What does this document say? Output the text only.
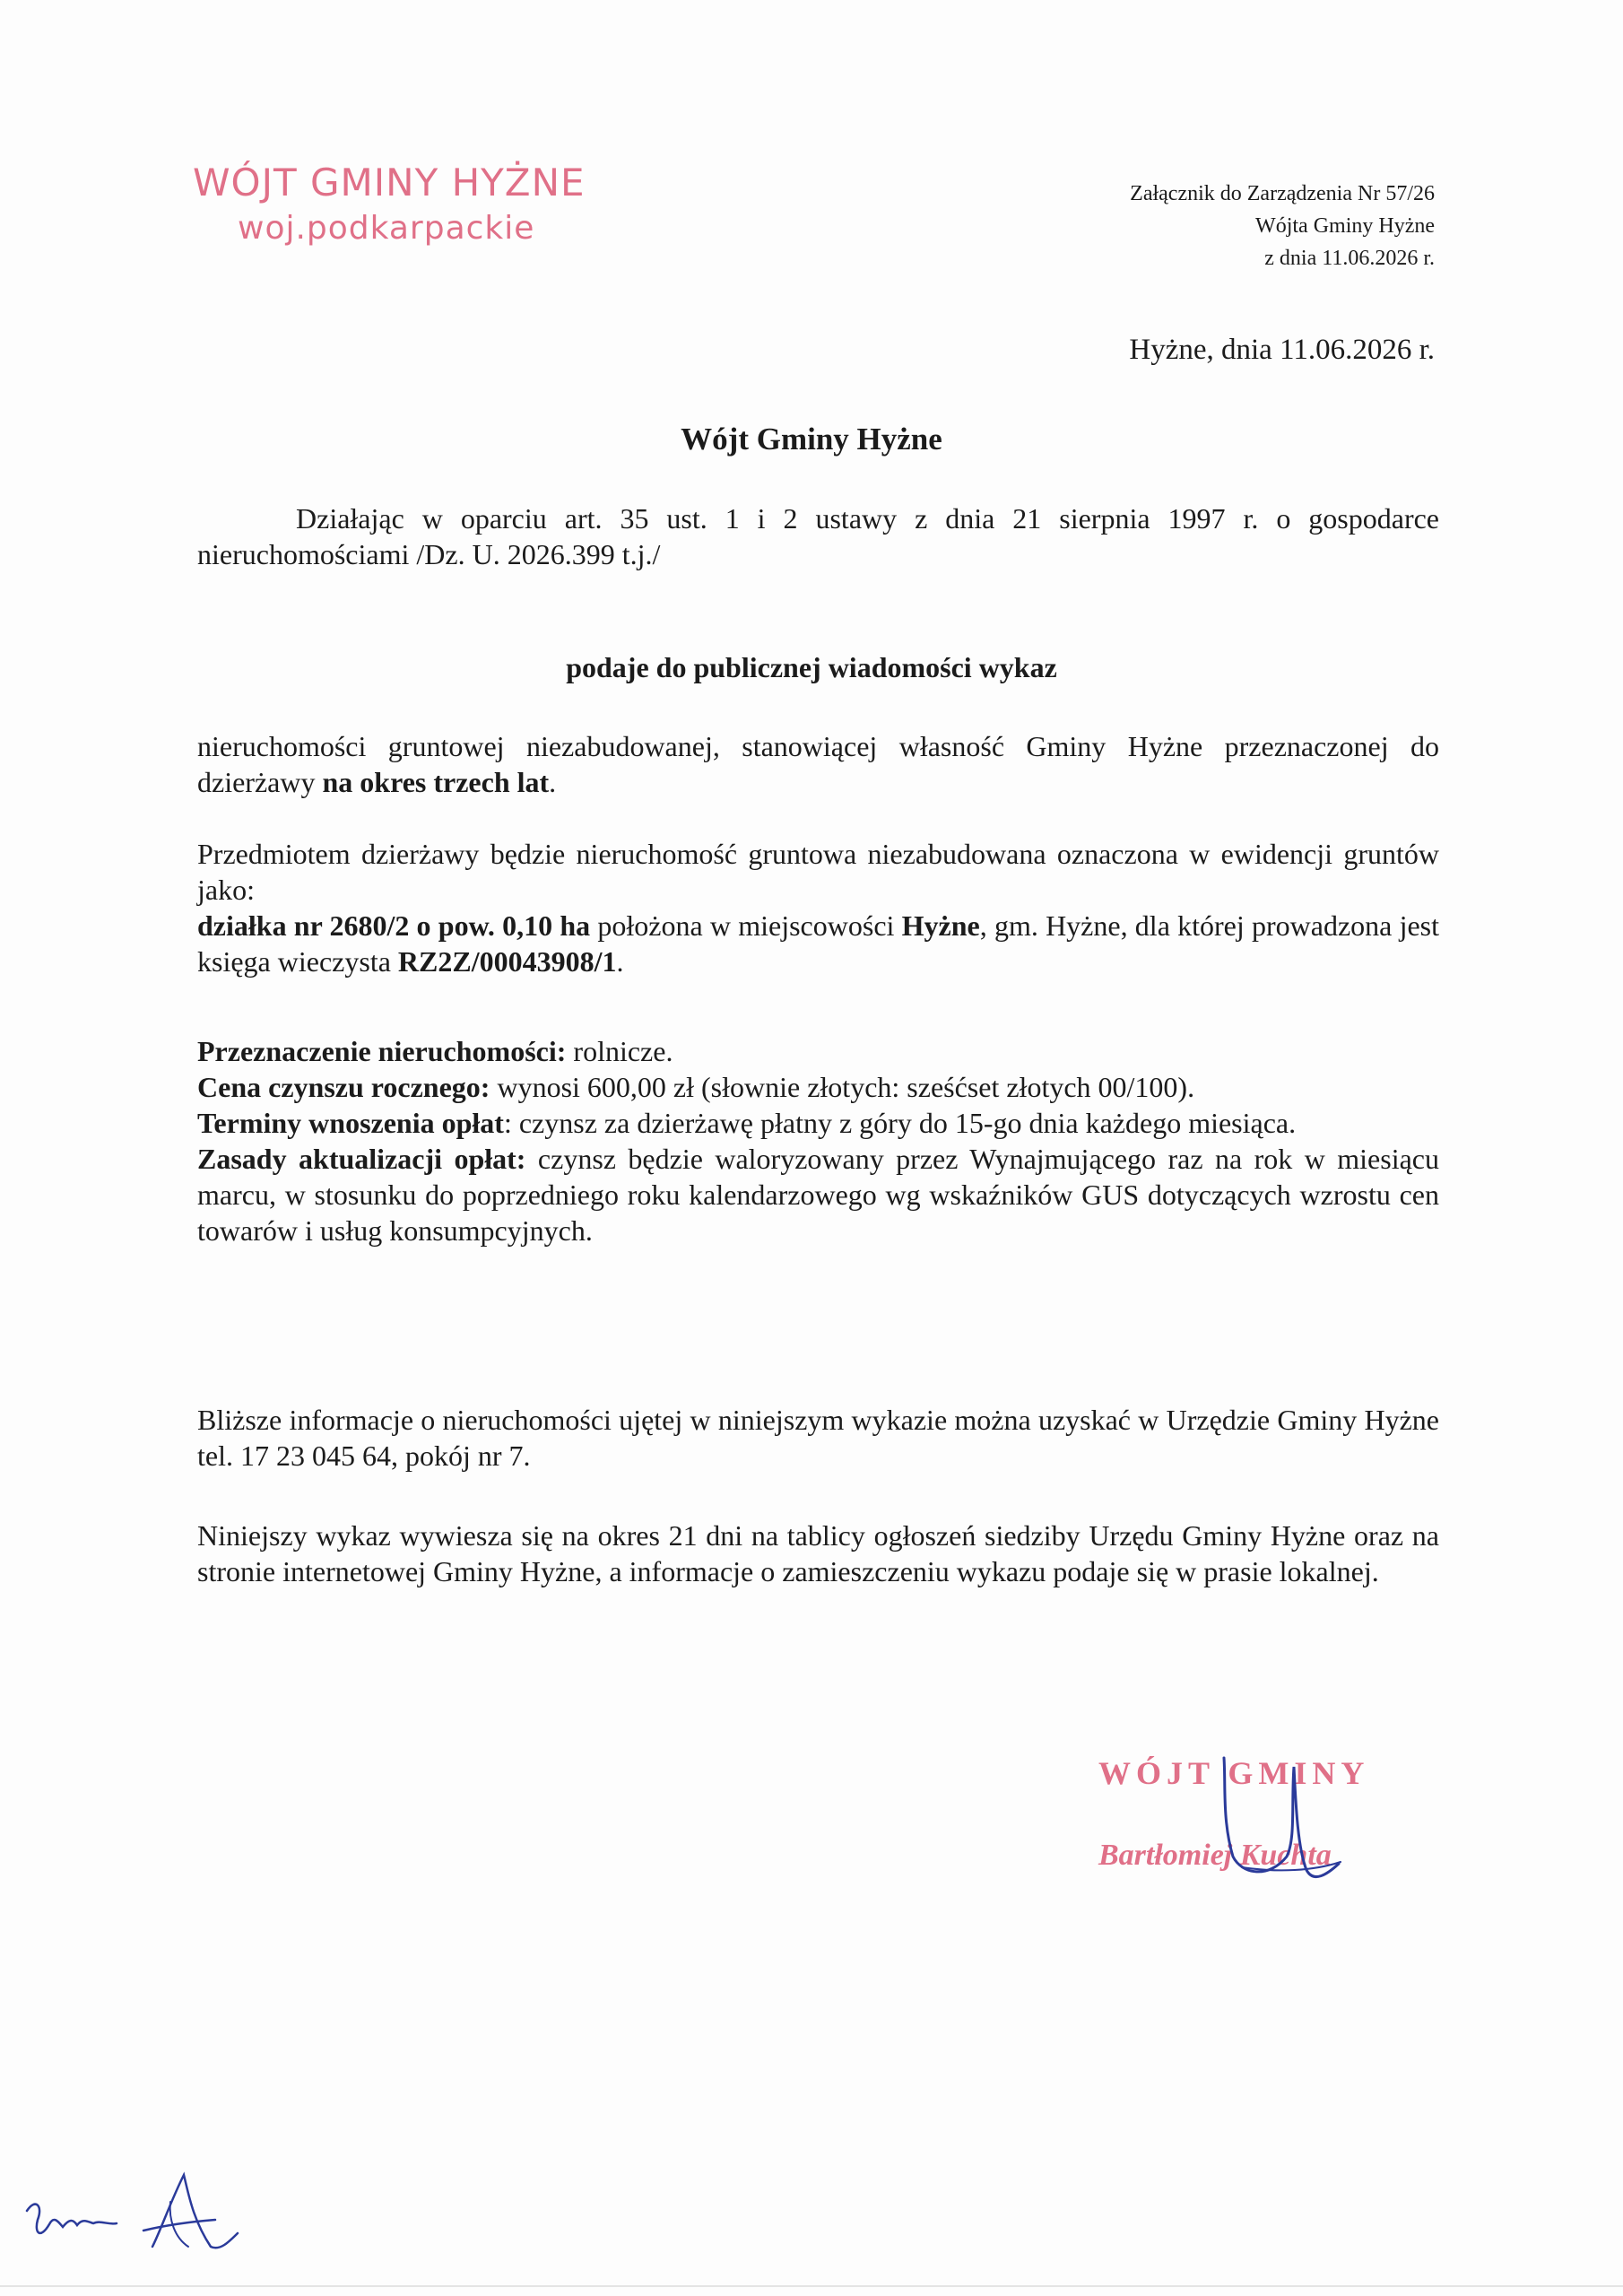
WÓJT GMINY HYŻNE
woj.podkarpackie
Załącznik do Zarządzenia Nr 57/26
Wójta Gminy Hyżne
z dnia 11.06.2026 r.
Hyżne, dnia 11.06.2026 r.
Wójt Gminy Hyżne
Działając w oparciu art. 35 ust. 1 i 2 ustawy z dnia 21 sierpnia 1997 r. o gospodarce nieruchomościami /Dz. U. 2026.399 t.j./
podaje do publicznej wiadomości wykaz
nieruchomości gruntowej niezabudowanej, stanowiącej własność Gminy Hyżne przeznaczonej do dzierżawy na okres trzech lat.
Przedmiotem dzierżawy będzie nieruchomość gruntowa niezabudowana oznaczona w ewidencji gruntów jako:
działka nr 2680/2 o pow. 0,10 ha położona w miejscowości Hyżne, gm. Hyżne, dla której prowadzona jest księga wieczysta RZ2Z/00043908/1.
Przeznaczenie nieruchomości: rolnicze.
Cena czynszu rocznego: wynosi 600,00 zł (słownie złotych: sześćset złotych 00/100).
Terminy wnoszenia opłat: czynsz za dzierżawę płatny z góry do 15-go dnia każdego miesiąca.
Zasady aktualizacji opłat: czynsz będzie waloryzowany przez Wynajmującego raz na rok w miesiącu marcu, w stosunku do poprzedniego roku kalendarzowego wg wskaźników GUS dotyczących wzrostu cen towarów i usług konsumpcyjnych.
Bliższe informacje o nieruchomości ujętej w niniejszym wykazie można uzyskać w Urzędzie Gminy Hyżne tel. 17 23 045 64, pokój nr 7.
Niniejszy wykaz wywiesza się na okres 21 dni na tablicy ogłoszeń siedziby Urzędu Gminy Hyżne oraz na stronie internetowej Gminy Hyżne, a informacje o zamieszczeniu wykazu podaje się w prasie lokalnej.
WÓJT GMINY
Bartłomiej Kuchta
